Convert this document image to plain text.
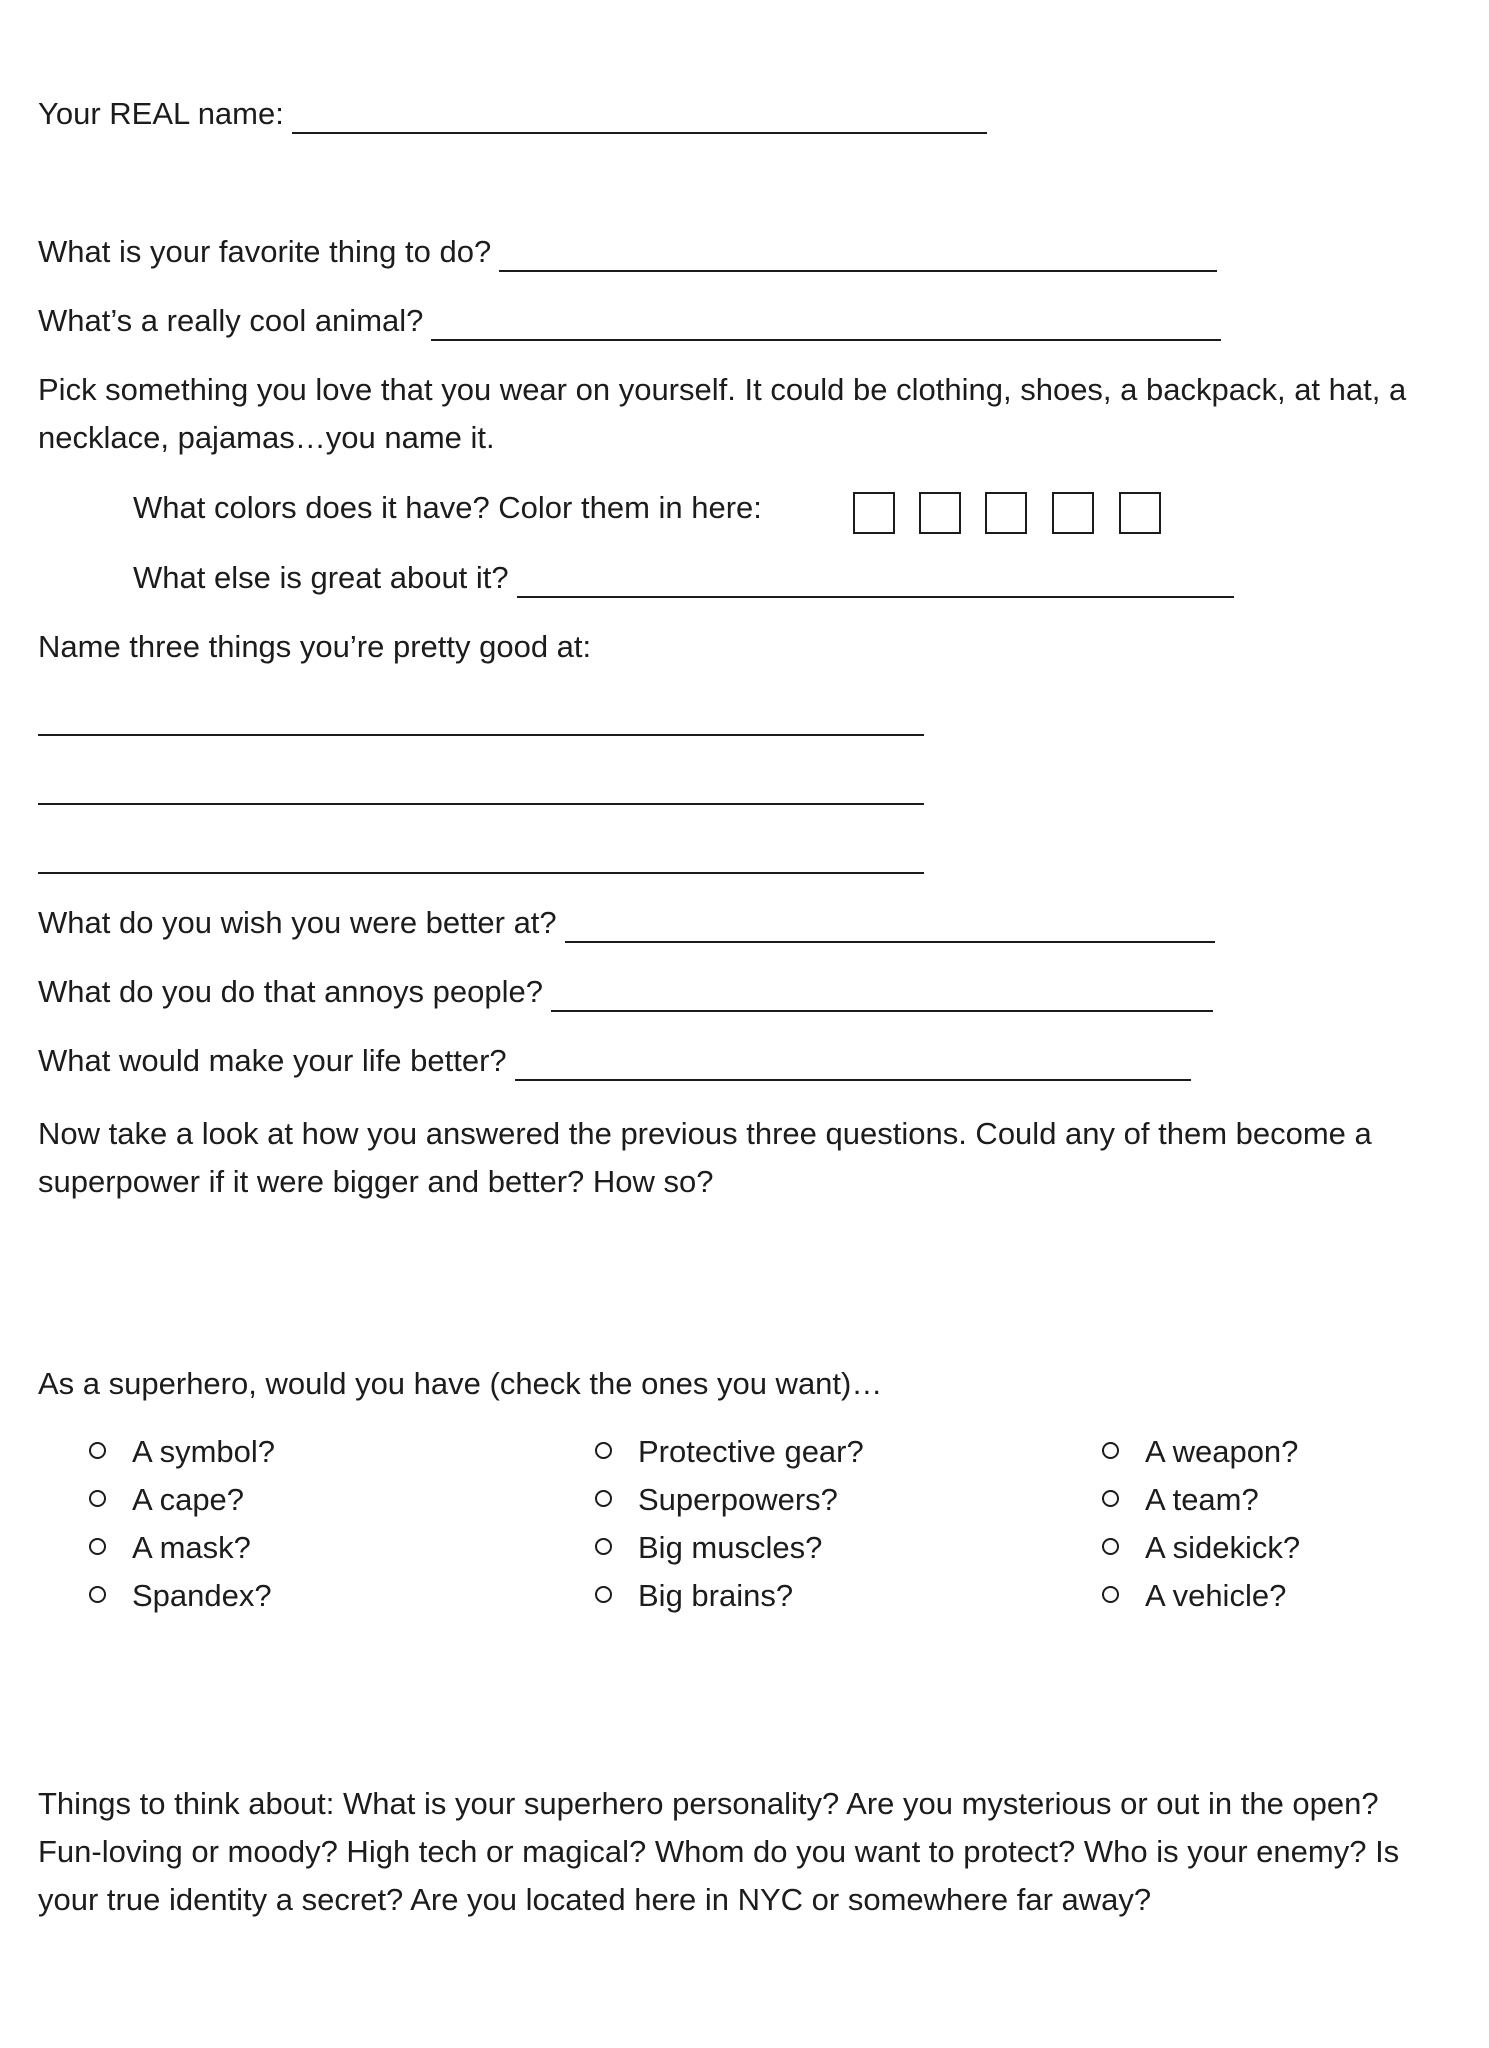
Your REAL name:
What is your favorite thing to do?
What’s a really cool animal?
Pick something you love that you wear on yourself. It could be clothing, shoes, a backpack, at hat, a necklace, pajamas…you name it.
What colors does it have? Color them in here:
What else is great about it?
Name three things you’re pretty good at:
What do you wish you were better at?
What do you do that annoys people?
What would make your life better?
Now take a look at how you answered the previous three questions. Could any of them become a superpower if it were bigger and better? How so?
As a superhero, would you have (check the ones you want)…
A symbol?
A cape?
A mask?
Spandex?
Protective gear?
Superpowers?
Big muscles?
Big brains?
A weapon?
A team?
A sidekick?
A vehicle?
Things to think about: What is your superhero personality? Are you mysterious or out in the open? Fun-loving or moody? High tech or magical? Whom do you want to protect? Who is your enemy? Is your true identity a secret? Are you located here in NYC or somewhere far away?
